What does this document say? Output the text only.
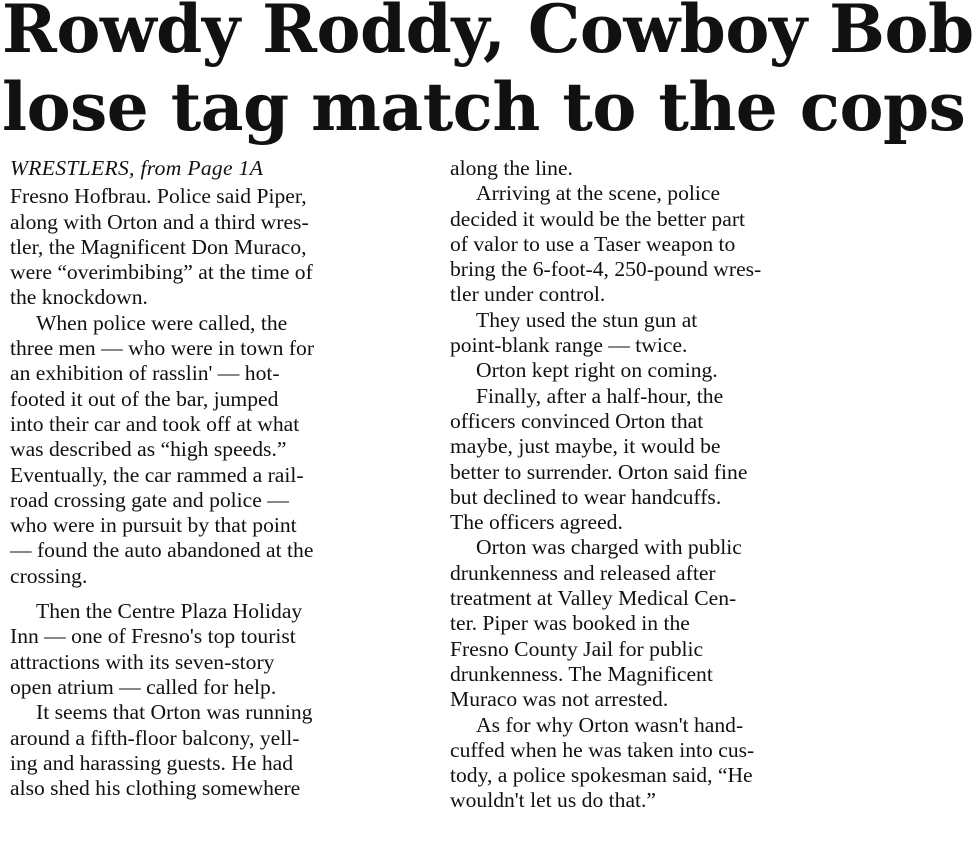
Rowdy Roddy, Cowboy Bob
lose tag match to the cops
WRESTLERS, from Page 1A
Fresno Hofbrau. Police said Piper,
along with Orton and a third wres-
tler, the Magnificent Don Muraco,
were “overimbibing” at the time of
the knockdown.
When police were called, the
three men — who were in town for
an exhibition of rasslin' — hot-
footed it out of the bar, jumped
into their car and took off at what
was described as “high speeds.”
Eventually, the car rammed a rail-
road crossing gate and police —
who were in pursuit by that point
— found the auto abandoned at the
crossing.
Then the Centre Plaza Holiday
Inn — one of Fresno's top tourist
attractions with its seven-story
open atrium — called for help.
It seems that Orton was running
around a fifth-floor balcony, yell-
ing and harassing guests. He had
also shed his clothing somewhere
along the line.
Arriving at the scene, police
decided it would be the better part
of valor to use a Taser weapon to
bring the 6-foot-4, 250-pound wres-
tler under control.
They used the stun gun at
point-blank range — twice.
Orton kept right on coming.
Finally, after a half-hour, the
officers convinced Orton that
maybe, just maybe, it would be
better to surrender. Orton said fine
but declined to wear handcuffs.
The officers agreed.
Orton was charged with public
drunkenness and released after
treatment at Valley Medical Cen-
ter. Piper was booked in the
Fresno County Jail for public
drunkenness. The Magnificent
Muraco was not arrested.
As for why Orton wasn't hand-
cuffed when he was taken into cus-
tody, a police spokesman said, “He
wouldn't let us do that.”
